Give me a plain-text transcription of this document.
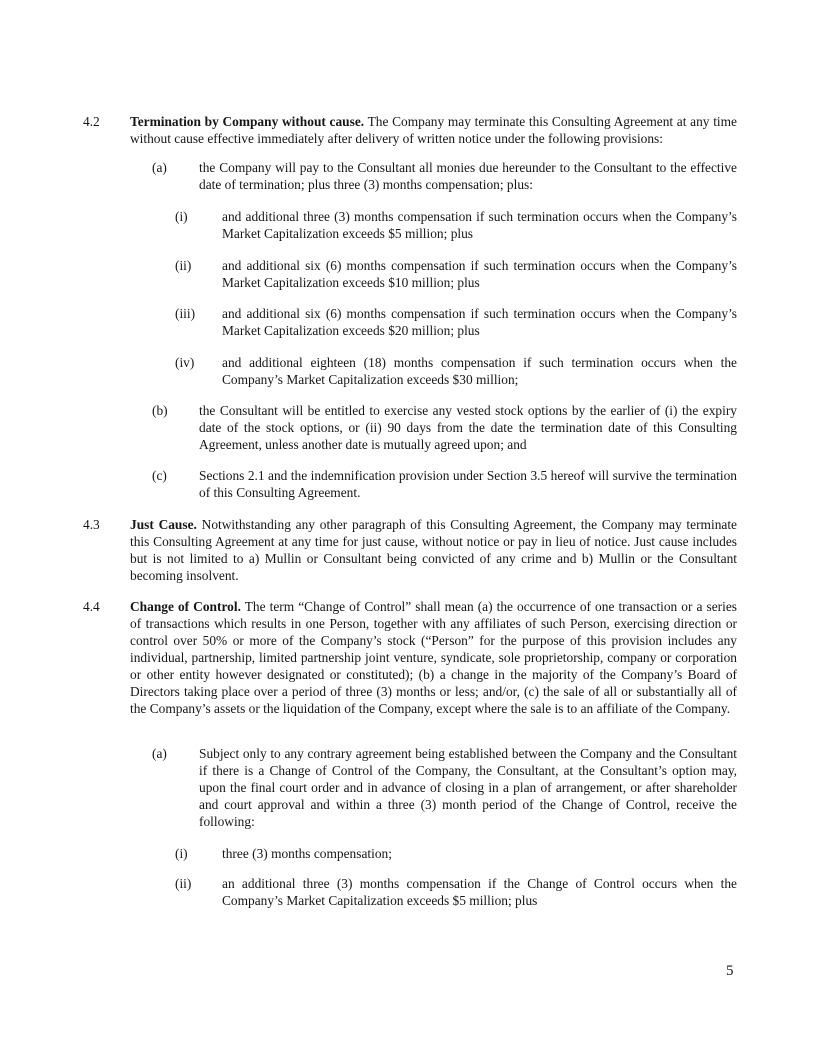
4.2 Termination by Company without cause. The Company may terminate this Consulting Agreement at any time without cause effective immediately after delivery of written notice under the following provisions:
(a) the Company will pay to the Consultant all monies due hereunder to the Consultant to the effective date of termination; plus three (3) months compensation; plus:
(i)	and additional three (3) months compensation if such termination occurs when the Company’s Market Capitalization exceeds $5 million; plus
(ii) and additional six (6) months compensation if such termination occurs when the Company’s Market Capitalization exceeds $10 million; plus
(iii) and additional six (6) months compensation if such termination occurs when the Company’s Market Capitalization exceeds $20 million; plus
(iv) and additional eighteen (18) months compensation if such termination occurs when the Company’s Market Capitalization exceeds $30 million;
(b) the Consultant will be entitled to exercise any vested stock options by the earlier of (i) the expiry date of the stock options, or (ii) 90 days from the date the termination date of this Consulting Agreement, unless another date is mutually agreed upon; and
(c) Sections 2.1 and the indemnification provision under Section 3.5 hereof will survive the termination of this Consulting Agreement.
4.3 Just Cause. Notwithstanding any other paragraph of this Consulting Agreement, the Company may terminate this Consulting Agreement at any time for just cause, without notice or pay in lieu of notice. Just cause includes but is not limited to a) Mullin or Consultant being convicted of any crime and b) Mullin or the Consultant becoming insolvent.
4.4 Change of Control. The term “Change of Control” shall mean (a) the occurrence of one transaction or a series of transactions which results in one Person, together with any affiliates of such Person, exercising direction or control over 50% or more of the Company’s stock (“Person” for the purpose of this provision includes any individual, partnership, limited partnership joint venture, syndicate, sole proprietorship, company or corporation or other entity however designated or constituted); (b) a change in the majority of the Company’s Board of Directors taking place over a period of three (3) months or less; and/or, (c) the sale of all or substantially all of the Company’s assets or the liquidation of the Company, except where the sale is to an affiliate of the Company.
(a) Subject only to any contrary agreement being established between the Company and the Consultant if there is a Change of Control of the Company, the Consultant, at the Consultant’s option may, upon the final court order and in advance of closing in a plan of arrangement, or after shareholder and court approval and within a three (3) month period of the Change of Control, receive the following:
(i)	three (3) months compensation;
(ii) an additional three (3) months compensation if the Change of Control occurs when the Company’s Market Capitalization exceeds $5 million; plus
5
